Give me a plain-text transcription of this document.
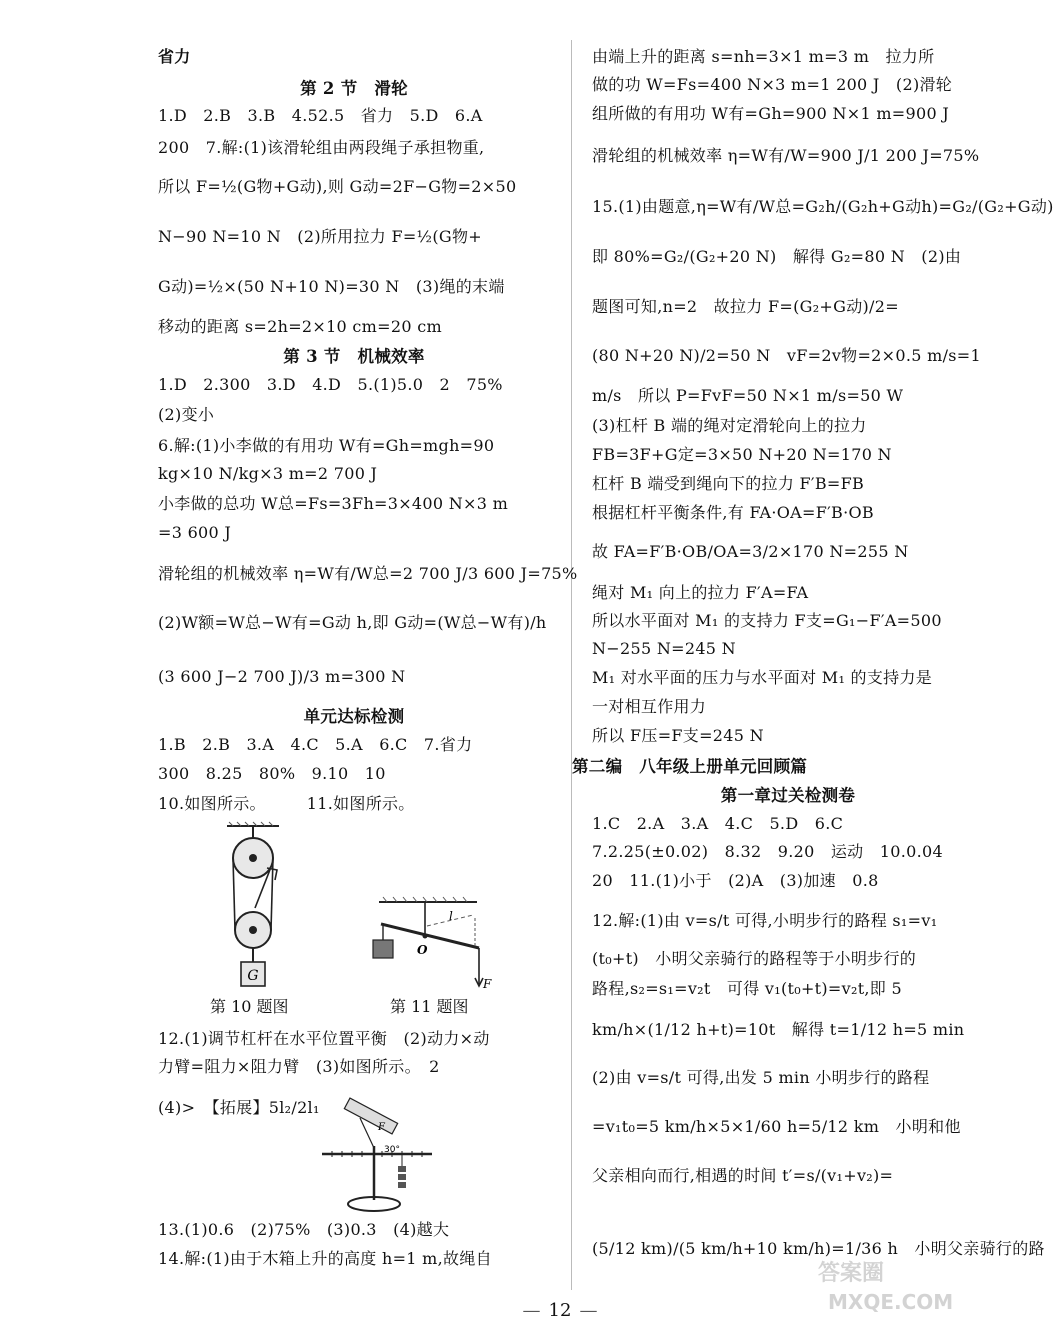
省力
第 2 节　滑轮
1.D　2.B　3.B　4.52.5　省力　5.D　6.A
200　7.解:(1)该滑轮组由两段绳子承担物重,
所以 F=½(G物+G动),则 G动=2F−G物=2×50
N−90 N=10 N　(2)所用拉力 F=½(G物+
G动)=½×(50 N+10 N)=30 N　(3)绳的末端
移动的距离 s=2h=2×10 cm=20 cm
第 3 节　机械效率
1.D　2.300　3.D　4.D　5.(1)5.0　2　75%
(2)变小
6.解:(1)小李做的有用功 W有=Gh=mgh=90
kg×10 N/kg×3 m=2 700 J
小李做的总功 W总=Fs=3Fh=3×400 N×3 m
=3 600 J
滑轮组的机械效率 η=W有/W总=2 700 J/3 600 J=75%
(2)W额=W总−W有=G动 h,即 G动=(W总−W有)/h
(3 600 J−2 700 J)/3 m=300 N
单元达标检测
1.B　2.B　3.A　4.C　5.A　6.C　7.省力
300　8.25　80%　9.10　10
10.如图所示。　　　11.如图所示。
12.(1)调节杠杆在水平位置平衡　(2)动力×动
力臂=阻力×阻力臂　(3)如图所示。　2
(4)>　【拓展】5l₂/2l₁
13.(1)0.6　(2)75%　(3)0.3　(4)越大
14.解:(1)由于木箱上升的高度 h=1 m,故绳自
由端上升的距离 s=nh=3×1 m=3 m　拉力所
做的功 W=Fs=400 N×3 m=1 200 J　(2)滑轮
组所做的有用功 W有=Gh=900 N×1 m=900 J
滑轮组的机械效率 η=W有/W=900 J/1 200 J=75%
15.(1)由题意,η=W有/W总=G₂h/(G₂h+G动h)=G₂/(G₂+G动)
即 80%=G₂/(G₂+20 N)　解得 G₂=80 N　(2)由
题图可知,n=2　故拉力 F=(G₂+G动)/2=
(80 N+20 N)/2=50 N　vF=2v物=2×0.5 m/s=1
m/s　所以 P=FvF=50 N×1 m/s=50 W
(3)杠杆 B 端的绳对定滑轮向上的拉力
FB=3F+G定=3×50 N+20 N=170 N
杠杆 B 端受到绳向下的拉力 F′B=FB
根据杠杆平衡条件,有 FA·OA=F′B·OB
故 FA=F′B·OB/OA=3/2×170 N=255 N
绳对 M₁ 向上的拉力 F′A=FA
所以水平面对 M₁ 的支持力 F支=G₁−F′A=500
N−255 N=245 N
M₁ 对水平面的压力与水平面对 M₁ 的支持力是
一对相互作用力
所以 F压=F支=245 N
第二编　八年级上册单元回顾篇
第一章过关检测卷
1.C　2.A　3.A　4.C　5.D　6.C
7.2.25(±0.02)　8.32　9.20　运动　10.0.04
20　11.(1)小于　(2)A　(3)加速　0.8
12.解:(1)由 v=s/t 可得,小明步行的路程 s₁=v₁
(t₀+t)　小明父亲骑行的路程等于小明步行的
路程,s₂=s₁=v₂t　可得 v₁(t₀+t)=v₂t,即 5
km/h×(1/12 h+t)=10t　解得 t=1/12 h=5 min
(2)由 v=s/t 可得,出发 5 min 小明步行的路程
=v₁t₀=5 km/h×5×1/60 h=5/12 km　小明和他
父亲相向而行,相遇的时间 t′=s/(v₁+v₂)=
(5/12 km)/(5 km/h+10 km/h)=1/36 h　小明父亲骑行的路
G
第 10 题图
O
l
F
第 11 题图
F
30°
— 12 —
答案圈
MXQE.COM
